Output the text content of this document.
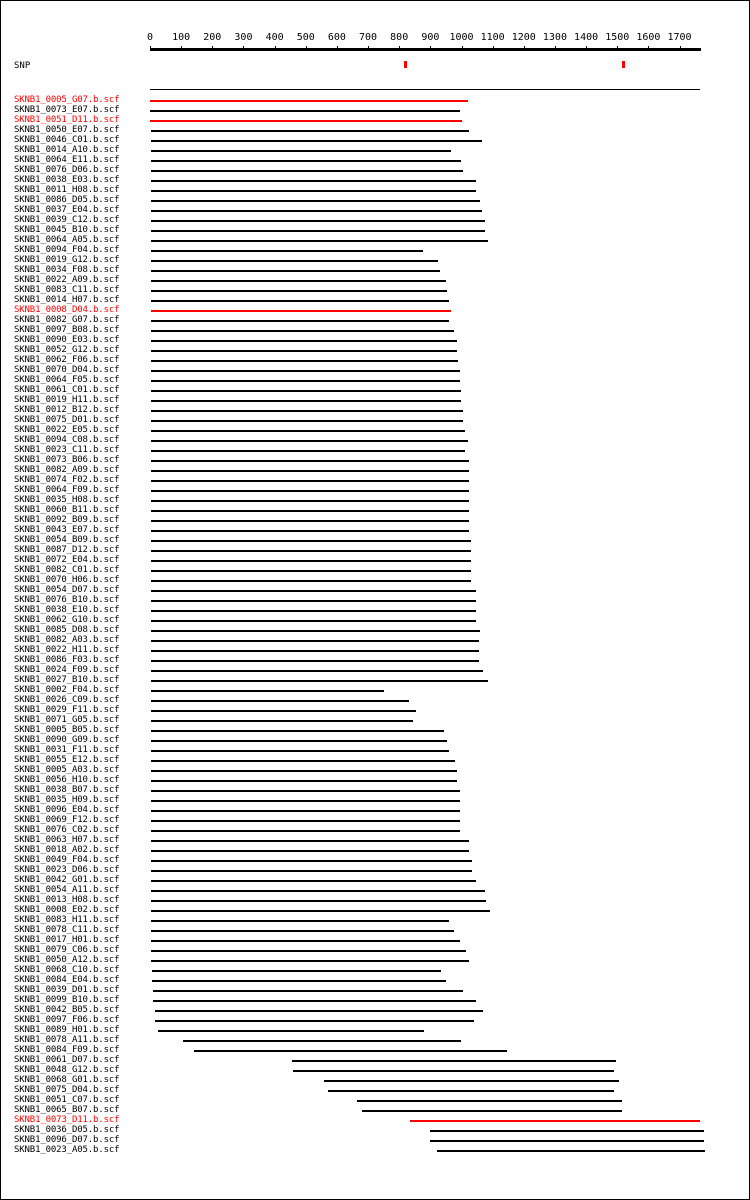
0 100 200 300 400 500 600 700 800 900 1000 1100 1200 1300 1400 1500 1600 1700
SNP
SKNB1_0005_G07.b.scf
SKNB1_0073_E07.b.scf
SKNB1_0051_D11.b.scf
SKNB1_0050_E07.b.scf
SKNB1_0046_C01.b.scf
SKNB1_0014_A10.b.scf
SKNB1_0064_E11.b.scf
SKNB1_0076_D06.b.scf
SKNB1_0038_E03.b.scf
SKNB1_0011_H08.b.scf
SKNB1_0086_D05.b.scf
SKNB1_0037_E04.b.scf
SKNB1_0039_C12.b.scf
SKNB1_0045_B10.b.scf
SKNB1_0064_A05.b.scf
SKNB1_0094_F04.b.scf
SKNB1_0019_G12.b.scf
SKNB1_0034_F08.b.scf
SKNB1_0022_A09.b.scf
SKNB1_0083_C11.b.scf
SKNB1_0014_H07.b.scf
SKNB1_0008_D04.b.scf
SKNB1_0082_G07.b.scf
SKNB1_0097_B08.b.scf
SKNB1_0090_E03.b.scf
SKNB1_0052_G12.b.scf
SKNB1_0062_F06.b.scf
SKNB1_0070_D04.b.scf
SKNB1_0064_F05.b.scf
SKNB1_0061_C01.b.scf
SKNB1_0019_H11.b.scf
SKNB1_0012_B12.b.scf
SKNB1_0075_D01.b.scf
SKNB1_0022_E05.b.scf
SKNB1_0094_C08.b.scf
SKNB1_0023_C11.b.scf
SKNB1_0073_B06.b.scf
SKNB1_0082_A09.b.scf
SKNB1_0074_F02.b.scf
SKNB1_0064_F09.b.scf
SKNB1_0035_H08.b.scf
SKNB1_0060_B11.b.scf
SKNB1_0092_B09.b.scf
SKNB1_0043_E07.b.scf
SKNB1_0054_B09.b.scf
SKNB1_0087_D12.b.scf
SKNB1_0072_E04.b.scf
SKNB1_0082_C01.b.scf
SKNB1_0070_H06.b.scf
SKNB1_0054_D07.b.scf
SKNB1_0076_B10.b.scf
SKNB1_0038_E10.b.scf
SKNB1_0062_G10.b.scf
SKNB1_0085_D08.b.scf
SKNB1_0082_A03.b.scf
SKNB1_0022_H11.b.scf
SKNB1_0086_F03.b.scf
SKNB1_0024_F09.b.scf
SKNB1_0027_B10.b.scf
SKNB1_0002_F04.b.scf
SKNB1_0026_C09.b.scf
SKNB1_0029_F11.b.scf
SKNB1_0071_G05.b.scf
SKNB1_0005_B05.b.scf
SKNB1_0090_G09.b.scf
SKNB1_0031_F11.b.scf
SKNB1_0055_E12.b.scf
SKNB1_0005_A03.b.scf
SKNB1_0056_H10.b.scf
SKNB1_0038_B07.b.scf
SKNB1_0035_H09.b.scf
SKNB1_0096_E04.b.scf
SKNB1_0069_F12.b.scf
SKNB1_0076_C02.b.scf
SKNB1_0063_H07.b.scf
SKNB1_0018_A02.b.scf
SKNB1_0049_F04.b.scf
SKNB1_0023_D06.b.scf
SKNB1_0042_G01.b.scf
SKNB1_0054_A11.b.scf
SKNB1_0013_H08.b.scf
SKNB1_0008_E02.b.scf
SKNB1_0083_H11.b.scf
SKNB1_0078_C11.b.scf
SKNB1_0017_H01.b.scf
SKNB1_0079_C06.b.scf
SKNB1_0050_A12.b.scf
SKNB1_0068_C10.b.scf
SKNB1_0084_E04.b.scf
SKNB1_0039_D01.b.scf
SKNB1_0099_B10.b.scf
SKNB1_0042_B05.b.scf
SKNB1_0097_F06.b.scf
SKNB1_0089_H01.b.scf
SKNB1_0078_A11.b.scf
SKNB1_0084_F09.b.scf
SKNB1_0061_D07.b.scf
SKNB1_0048_G12.b.scf
SKNB1_0068_G01.b.scf
SKNB1_0075_D04.b.scf
SKNB1_0051_C07.b.scf
SKNB1_0065_B07.b.scf
SKNB1_0073_D11.b.scf
SKNB1_0036_D05.b.scf
SKNB1_0096_D07.b.scf
SKNB1_0023_A05.b.scf
